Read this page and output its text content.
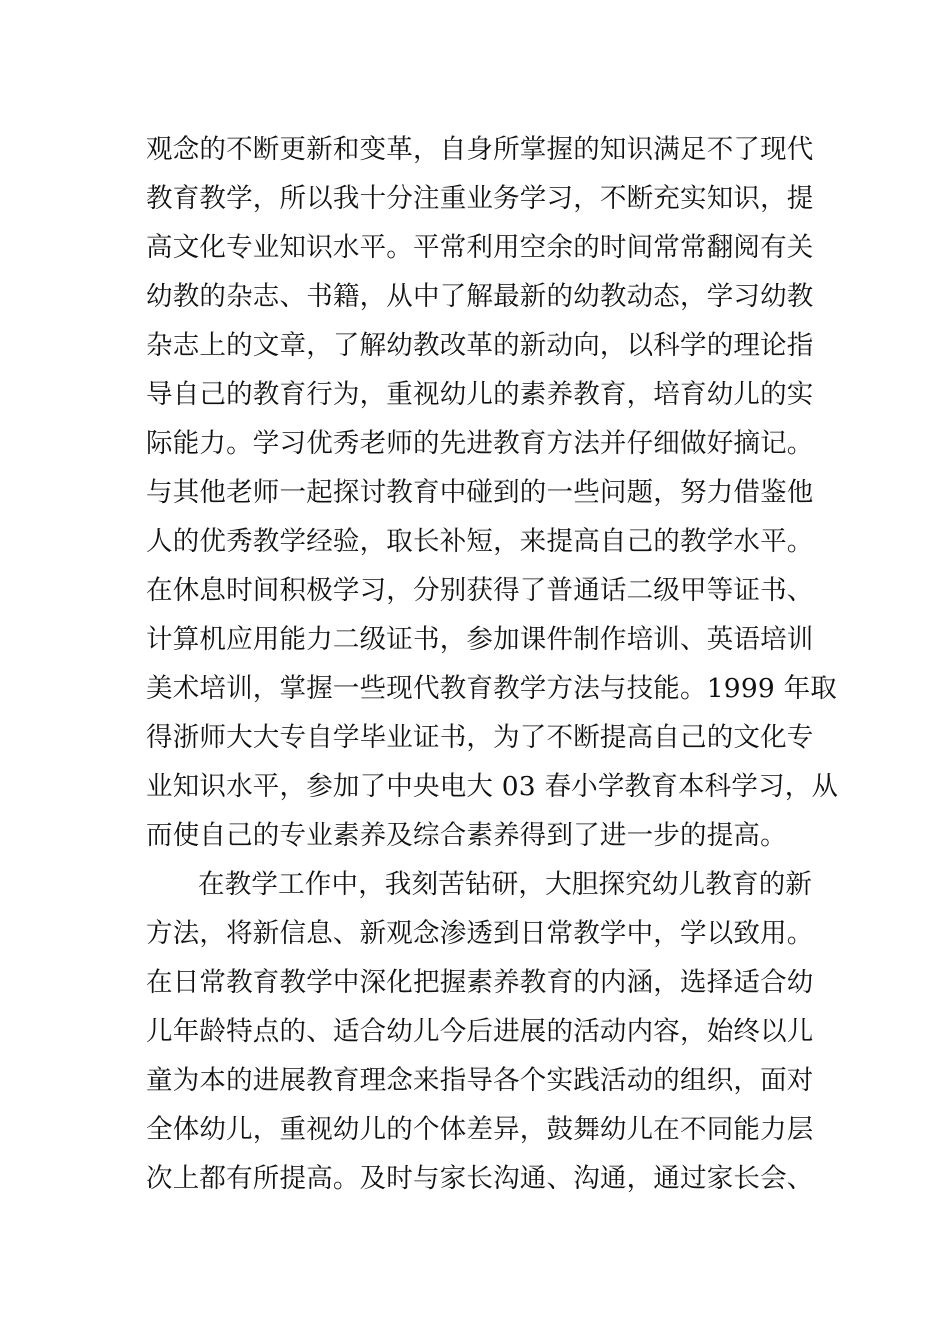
观念的不断更新和变革，自身所掌握的知识满足不了现代
教育教学，所以我十分注重业务学习，不断充实知识，提
高文化专业知识水平。平常利用空余的时间常常翻阅有关
幼教的杂志、书籍，从中了解最新的幼教动态，学习幼教
杂志上的文章，了解幼教改革的新动向，以科学的理论指
导自己的教育行为，重视幼儿的素养教育，培育幼儿的实
际能力。学习优秀老师的先进教育方法并仔细做好摘记。
与其他老师一起探讨教育中碰到的一些问题，努力借鉴他
人的优秀教学经验，取长补短，来提高自己的教学水平。
在休息时间积极学习，分别获得了普通话二级甲等证书、
计算机应用能力二级证书，参加课件制作培训、英语培训
美术培训，掌握一些现代教育教学方法与技能。1999 年取
得浙师大大专自学毕业证书，为了不断提高自己的文化专
业知识水平，参加了中央电大 03 春小学教育本科学习，从
而使自己的专业素养及综合素养得到了进一步的提高。
在教学工作中，我刻苦钻研，大胆探究幼儿教育的新
方法，将新信息、新观念渗透到日常教学中，学以致用。
在日常教育教学中深化把握素养教育的内涵，选择适合幼
儿年龄特点的、适合幼儿今后进展的活动内容，始终以儿
童为本的进展教育理念来指导各个实践活动的组织，面对
全体幼儿，重视幼儿的个体差异，鼓舞幼儿在不同能力层
次上都有所提高。及时与家长沟通、沟通，通过家长会、
